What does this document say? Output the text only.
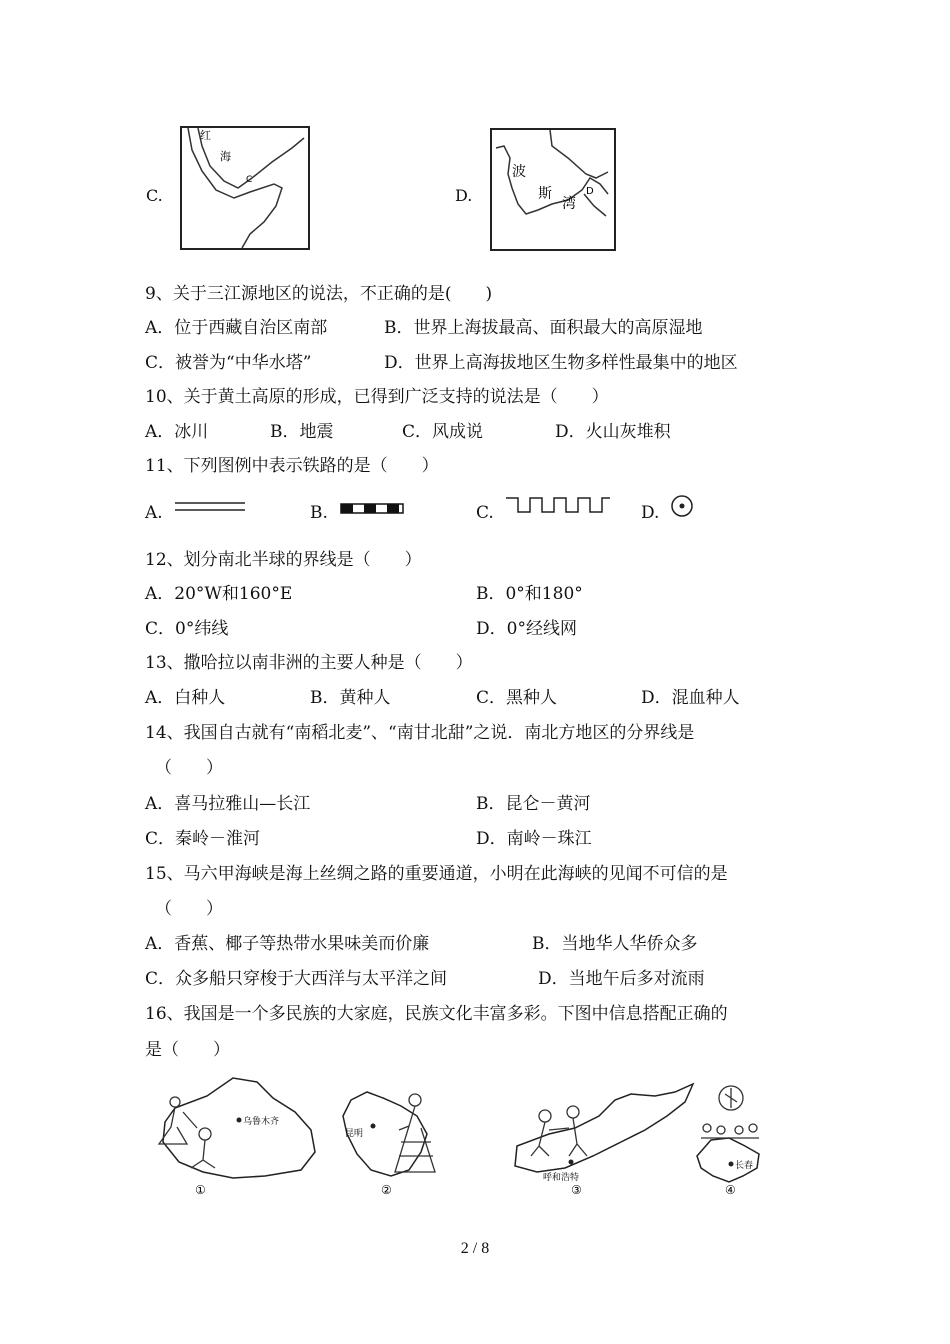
C.
红
海
C
D.
波
斯
湾
D
9、关于三江源地区的说法，不正确的是(　　)
A．位于西藏自治区南部	B．世界上海拔最高、面积最大的高原湿地
C．被誉为“中华水塔”	D．世界上高海拔地区生物多样性最集中的地区
10、关于黄土高原的形成，已得到广泛支持的说法是（　　）
A．冰川	B．地震	C．风成说	D．火山灰堆积
11、下列图例中表示铁路的是（　　）
A.	B.	C.	D.
12、划分南北半球的界线是（　　）
A．20°W和160°E	B．0°和180°
C．0°纬线	D．0°经线网
13、撒哈拉以南非洲的主要人种是（　　）
A．白种人	B．黄种人	C．黑种人	D．混血种人
14、我国自古就有“南稻北麦”、“南甘北甜”之说．南北方地区的分界线是
（　　）
A．喜马拉雅山—长江	B．昆仑－黄河
C．秦岭－淮河	D．南岭－珠江
15、马六甲海峡是海上丝绸之路的重要通道，小明在此海峡的见闻不可信的是
（　　）
A．香蕉、椰子等热带水果味美而价廉	B．当地华人华侨众多
C．众多船只穿梭于大西洋与太平洋之间	D．当地午后多对流雨
16、我国是一个多民族的大家庭，民族文化丰富多彩。下图中信息搭配正确的
是（　　）
乌鲁木齐
①
昆明
②
呼和浩特
③
长春
④
2 / 8
